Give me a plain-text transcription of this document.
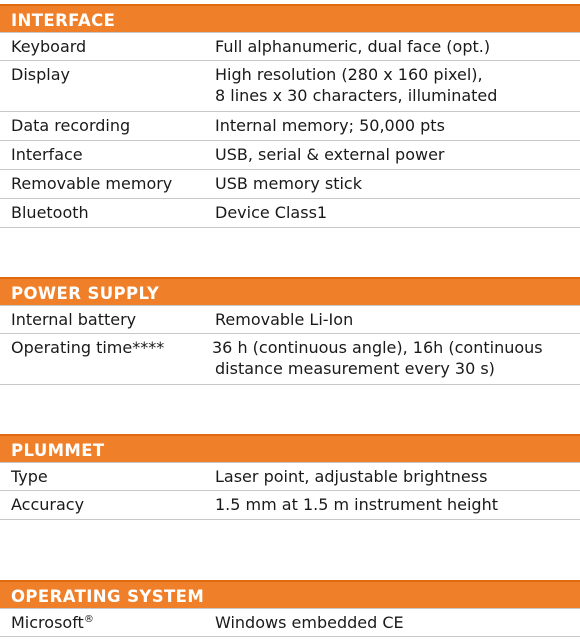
INTERFACE
Keyboard	Full alphanumeric, dual face (opt.)
Display	High resolution (280 x 160 pixel),
8 lines x 30 characters, illuminated
Data recording	Internal memory; 50,000 pts
Interface	USB, serial & external power
Removable memory	USB memory stick
Bluetooth	Device Class1
POWER SUPPLY
Internal battery	Removable Li-Ion
Operating time****	36 h (continuous angle), 16h (continuous
distance measurement every 30 s)
PLUMMET
Type	Laser point, adjustable brightness
Accuracy	1.5 mm at 1.5 m instrument height
OPERATING SYSTEM
Microsoft®	Windows embedded CE
